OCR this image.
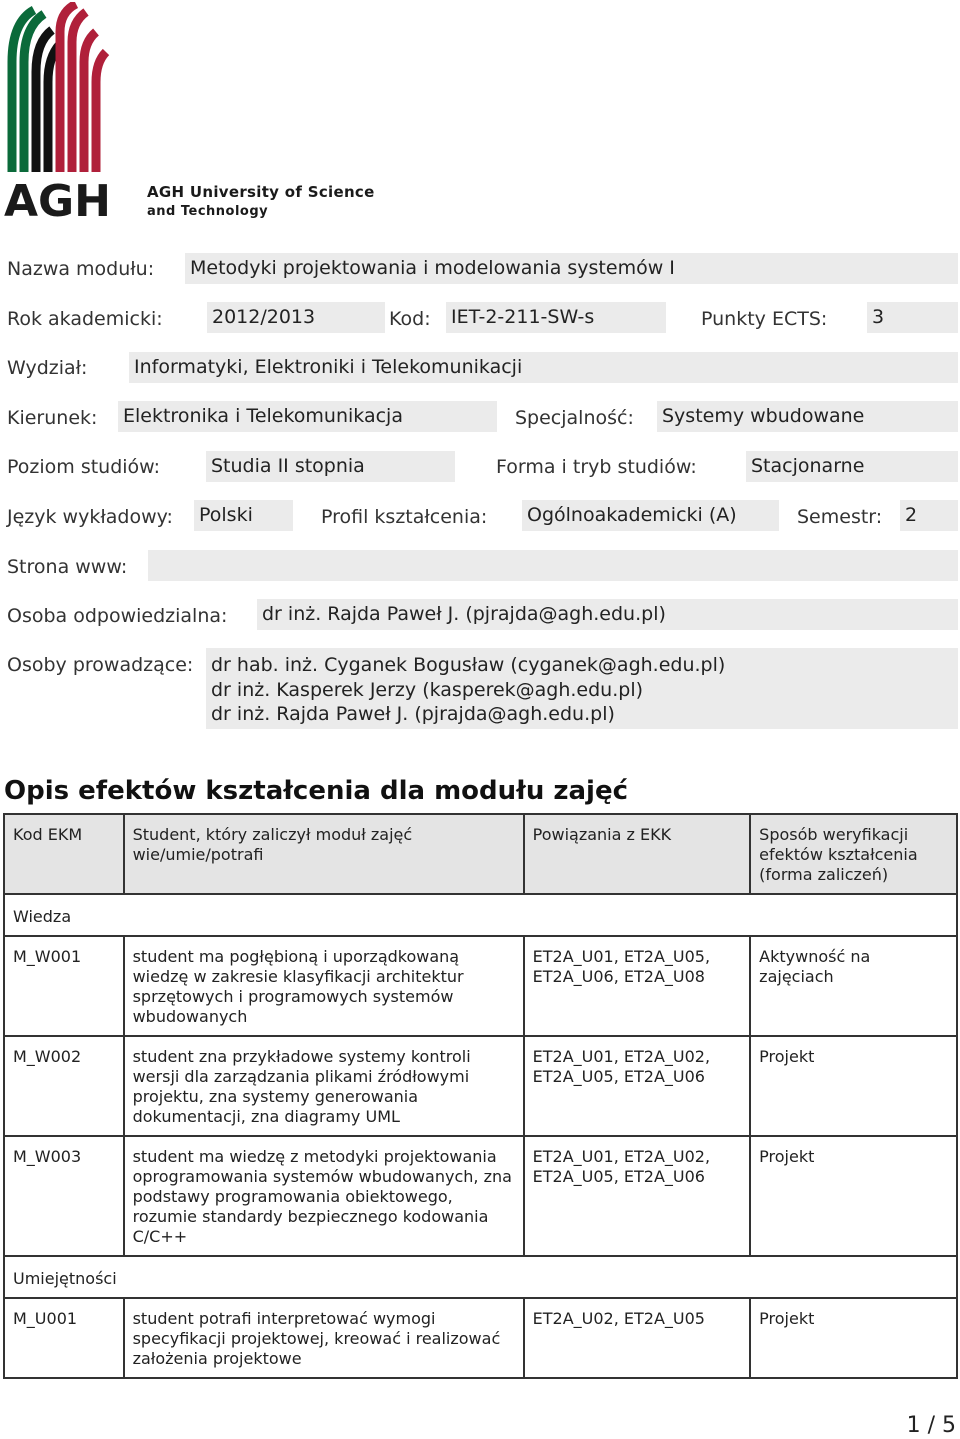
AGH AGH University of Science
and Technology
Nazwa modułu: Metodyki projektowania i modelowania systemów I
Rok akademicki:	2012/2013	Kod: IET-2-211-SW-s	Punkty ECTS: 3
Wydział: Informatyki, Elektroniki i Telekomunikacji
Kierunek: Elektronika i Telekomunikacja	Specjalność: Systemy wbudowane
Poziom studiów:	Studia II stopnia	Forma i tryb studiów:	Stacjonarne
Język wykładowy: Polski	Profil kształcenia: Ogólnoakademicki (A)	Semestr: 2
Strona www:
Osoba odpowiedzialna: dr inż. Rajda Paweł J. (pjrajda@agh.edu.pl)
Osoby prowadzące: dr hab. inż. Cyganek Bogusław (cyganek@agh.edu.pl)
dr inż. Kasperek Jerzy (kasperek@agh.edu.pl)
dr inż. Rajda Paweł J. (pjrajda@agh.edu.pl)
Opis efektów kształcenia dla modułu zajęć
Kod EKM	Student, który zaliczył moduł zajęć wie/umie/potrafi	Powiązania z EKK	Sposób weryfikacji efektów kształcenia (forma zaliczeń)
Wiedza			
M_W001	student ma pogłębioną i uporządkowaną wiedzę w zakresie klasyfikacji architektur sprzętowych i programowych systemów wbudowanych	ET2A_U01, ET2A_U05, ET2A_U06, ET2A_U08	Aktywność na zajęciach
M_W002	student zna przykładowe systemy kontroli wersji dla zarządzania plikami źródłowymi projektu, zna systemy generowania dokumentacji, zna diagramy UML	ET2A_U01, ET2A_U02, ET2A_U05, ET2A_U06	Projekt
M_W003	student ma wiedzę z metodyki projektowania oprogramowania systemów wbudowanych, zna podstawy programowania obiektowego, rozumie standardy bezpiecznego kodowania C/C++	ET2A_U01, ET2A_U02, ET2A_U05, ET2A_U06	Projekt
Umiejętności			
M_U001	student potrafi interpretować wymogi specyfikacji projektowej, kreować i realizować założenia projektowe	ET2A_U02, ET2A_U05	Projekt
1 / 5
